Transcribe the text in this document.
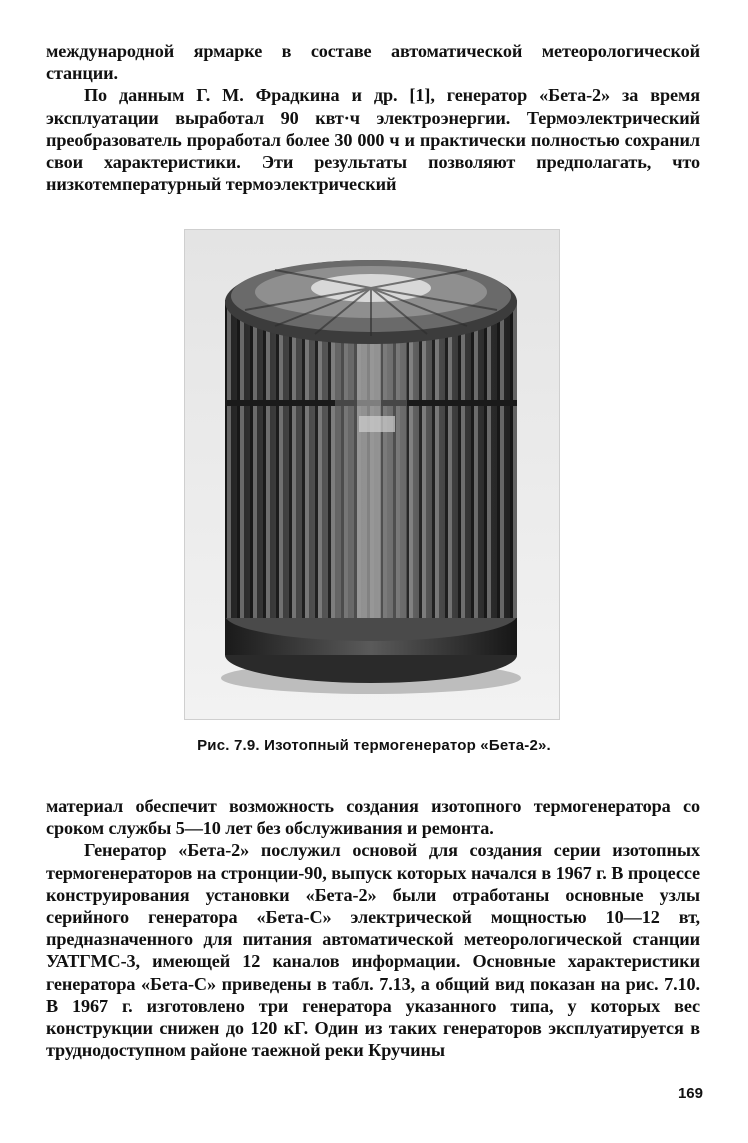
международной ярмарке в составе автоматической метеорологической станции.

По данным Г. М. Фрадкина и др. [1], генератор «Бета-2» за время эксплуатации выработал 90 квт·ч электроэнергии. Термоэлектрический преобразователь проработал более 30 000 ч и практически полностью сохранил свои характеристики. Эти результаты позволяют предполагать, что низкотемпературный термоэлектрический

Рис. 7.9. Изотопный термогенератор «Бета-2».

материал обеспечит возможность создания изотопного термогенератора со сроком службы 5—10 лет без обслуживания и ремонта.

Генератор «Бета-2» послужил основой для создания серии изотопных термогенераторов на стронции-90, выпуск которых начался в 1967 г. В процессе конструирования установки «Бета-2» были отработаны основные узлы серийного генератора «Бета-С» электрической мощностью 10—12 вт, предназначенного для питания автоматической метеорологической станции УАТГМС-3, имеющей 12 каналов информации. Основные характеристики генератора «Бета-С» приведены в табл. 7.13, а общий вид показан на рис. 7.10. В 1967 г. изготовлено три генератора указанного типа, у которых вес конструкции снижен до 120 кГ. Один из таких генераторов эксплуатируется в труднодоступном районе таежной реки Кручины

169
